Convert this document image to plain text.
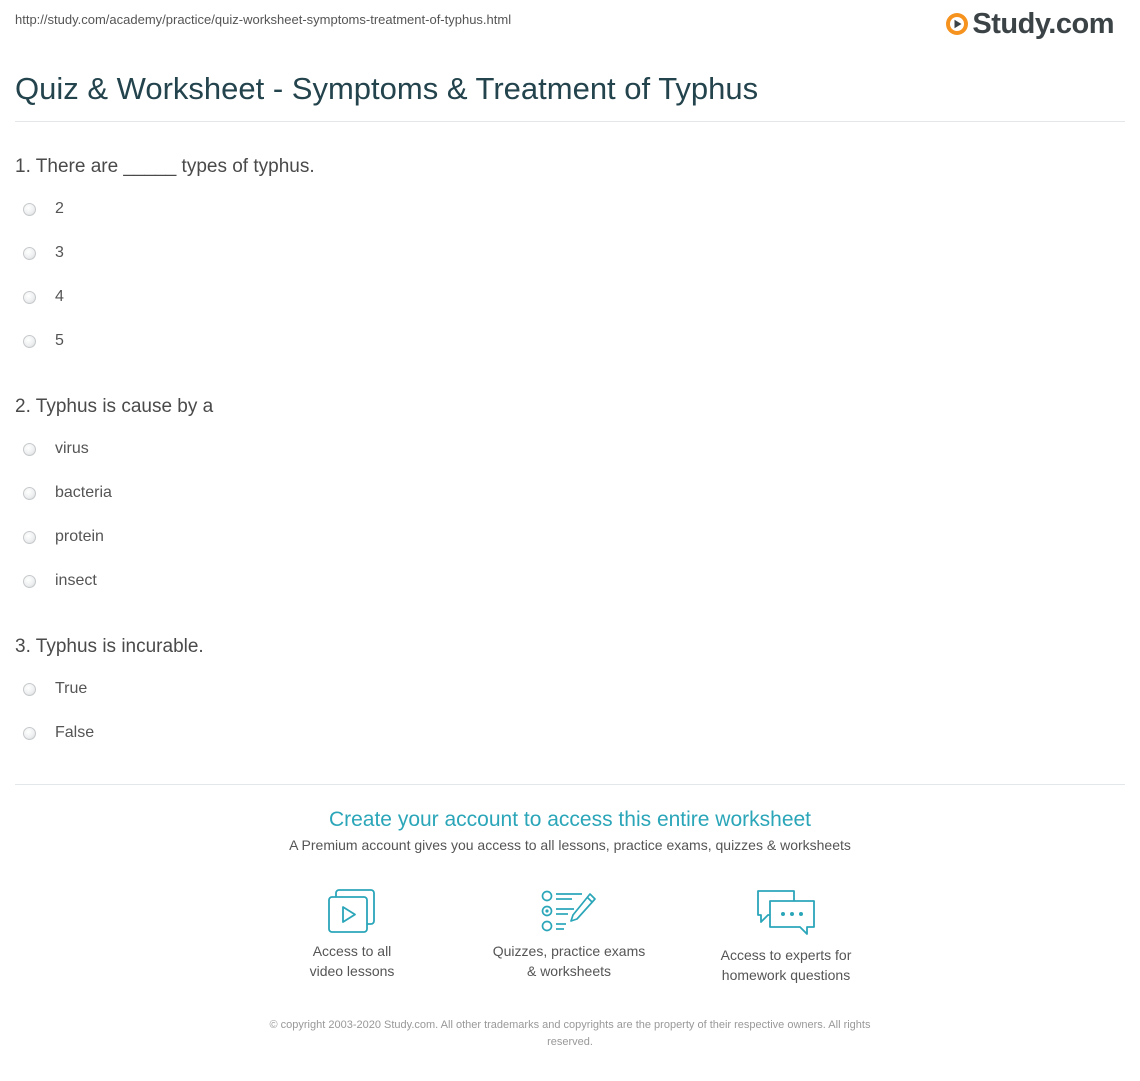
http://study.com/academy/practice/quiz-worksheet-symptoms-treatment-of-typhus.html	Study.com
Quiz & Worksheet - Symptoms & Treatment of Typhus

1. There are _____ types of typhus.

2
3
4
5

2. Typhus is cause by a

virus
bacteria
protein
insect

3. Typhus is incurable.

True
False

Create your account to access this entire worksheet

A Premium account gives you access to all lessons, practice exams, quizzes & worksheets
Access to all
video lessons
Quizzes, practice exams
& worksheets
Access to experts for
homework questions
© copyright 2003-2020 Study.com. All other trademarks and copyrights are the property of their respective owners. All rights
reserved.
